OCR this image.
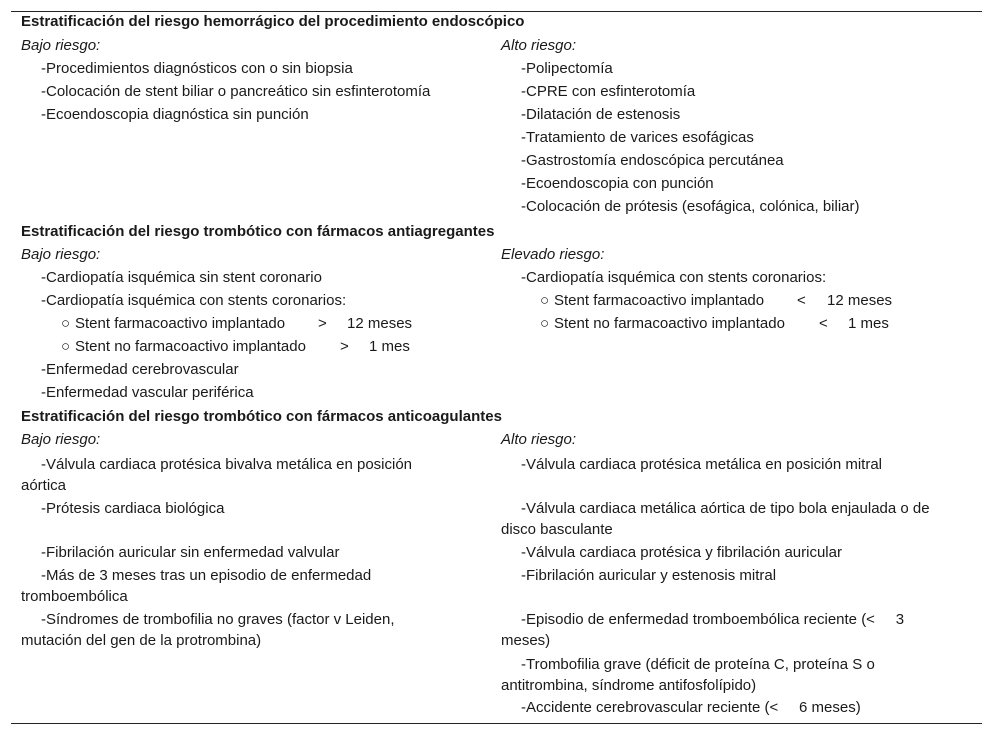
Estratificación del riesgo hemorrágico del procedimiento endoscópico
Bajo riesgo:
-Procedimientos diagnósticos con o sin biopsia
-Colocación de stent biliar o pancreático sin esfinterotomía
-Ecoendoscopia diagnóstica sin punción
Alto riesgo:
-Polipectomía
-CPRE con esfinterotomía
-Dilatación de estenosis
-Tratamiento de varices esofágicas
-Gastrostomía endoscópica percutánea
-Ecoendoscopia con punción
-Colocación de prótesis (esofágica, colónica, biliar)
Estratificación del riesgo trombótico con fármacos antiagregantes
Bajo riesgo:
-Cardiopatía isquémica sin stent coronario
-Cardiopatía isquémica con stents coronarios:
○ Stent farmacoactivo implantado > 12 meses
○ Stent no farmacoactivo implantado > 1 mes
-Enfermedad cerebrovascular
-Enfermedad vascular periférica
Elevado riesgo:
-Cardiopatía isquémica con stents coronarios:
○ Stent farmacoactivo implantado < 12 meses
○ Stent no farmacoactivo implantado < 1 mes
Estratificación del riesgo trombótico con fármacos anticoagulantes
Bajo riesgo:
-Válvula cardiaca protésica bivalva metálica en posición aórtica
-Prótesis cardiaca biológica
-Fibrilación auricular sin enfermedad valvular
-Más de 3 meses tras un episodio de enfermedad tromboembólica
-Síndromes de trombofilia no graves (factor v Leiden, mutación del gen de la protrombina)
Alto riesgo:
-Válvula cardiaca protésica metálica en posición mitral
-Válvula cardiaca metálica aórtica de tipo bola enjaulada o de disco basculante
-Válvula cardiaca protésica y fibrilación auricular
-Fibrilación auricular y estenosis mitral
-Episodio de enfermedad tromboembólica reciente (<     3 meses)
-Trombofilia grave (déficit de proteína C, proteína S o antitrombina, síndrome antifosfolípido)
-Accidente cerebrovascular reciente (<     6 meses)
